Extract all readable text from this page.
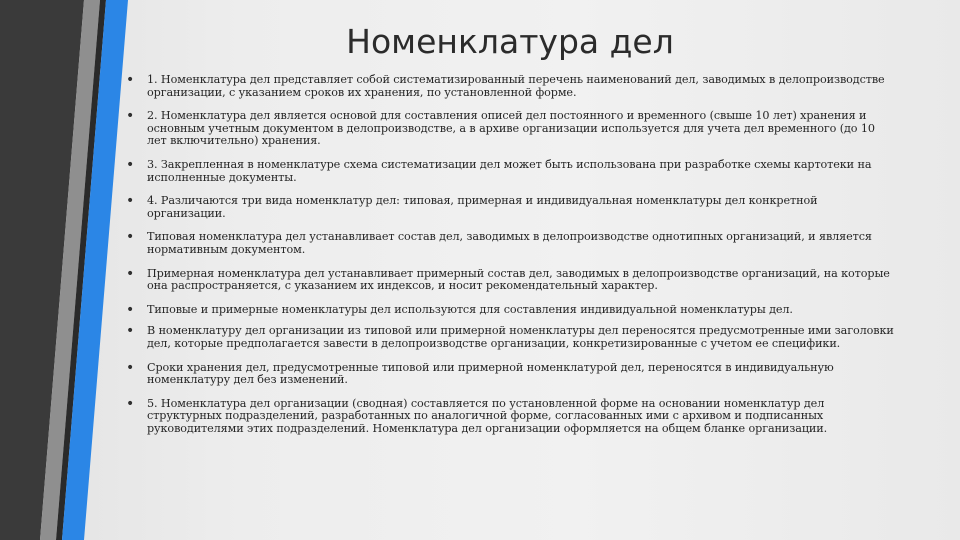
Номенклатура дел
• 1. Номенклатура дел представляет собой систематизированный перечень наименований дел, заводимых в делопроизводстве организации, с указанием сроков их хранения, по установленной форме.
• 2. Номенклатура дел является основой для составления описей дел постоянного и временного (свыше 10 лет) хранения и основным учетным документом в делопроизводстве, а в архиве организации используется для учета дел временного (до 10 лет включительно) хранения.
• 3. Закрепленная в номенклатуре схема систематизации дел может быть использована при разработке схемы картотеки на исполненные документы.
• 4. Различаются три вида номенклатур дел: типовая, примерная и индивидуальная номенклатуры дел конкретной организации.
• Типовая номенклатура дел устанавливает состав дел, заводимых в делопроизводстве однотипных организаций, и является нормативным документом.
• Примерная номенклатура дел устанавливает примерный состав дел, заводимых в делопроизводстве организаций, на которые она распространяется, с указанием их индексов, и носит рекомендательный характер.
• Типовые и примерные номенклатуры дел используются для составления индивидуальной номенклатуры дел.
• В номенклатуру дел организации из типовой или примерной номенклатуры дел переносятся предусмотренные ими заголовки дел, которые предполагается завести в делопроизводстве организации, конкретизированные с учетом ее специфики.
• Сроки хранения дел, предусмотренные типовой или примерной номенклатурой дел, переносятся в индивидуальную номенклатуру дел без изменений.
• 5. Номенклатура дел организации (сводная) составляется по установленной форме на основании номенклатур дел структурных подразделений, разработанных по аналогичной форме, согласованных ими с архивом и подписанных руководителями этих подразделений. Номенклатура дел организации оформляется на общем бланке организации.
